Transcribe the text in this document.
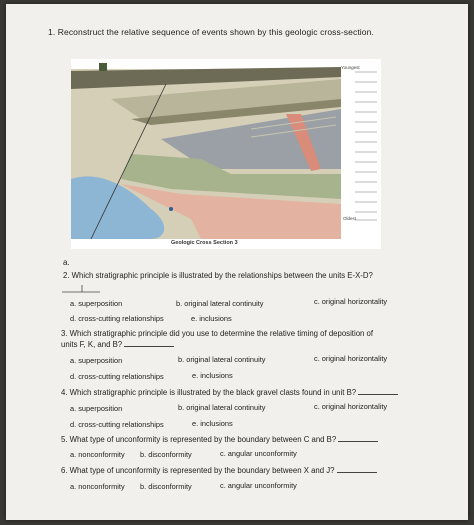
1. Reconstruct the relative sequence of events shown by this geologic cross-section.
Youngest
Oldest
Geologic Cross Section 3
a.
2. Which stratigraphic principle is illustrated by the relationships between the units E-X-D?
a. superposition	b. original lateral continuity	c. original horizontality
d. cross-cutting relationships	e. inclusions
3. Which stratigraphic principle did you use to determine the relative timing of deposition of
units F, K, and B?
a. superposition	b. original lateral continuity	c. original horizontality
d. cross-cutting relationships	e. inclusions
4. Which stratigraphic principle is illustrated by the black gravel clasts found in unit B?
a. superposition	b. original lateral continuity	c. original horizontality
d. cross-cutting relationships	e. inclusions
5. What type of unconformity is represented by the boundary between C and B?
a. nonconformity b. disconformity	c. angular unconformity
6. What type of unconformity is represented by the boundary between X and J?
a. nonconformity b. disconformity	c. angular unconformity
